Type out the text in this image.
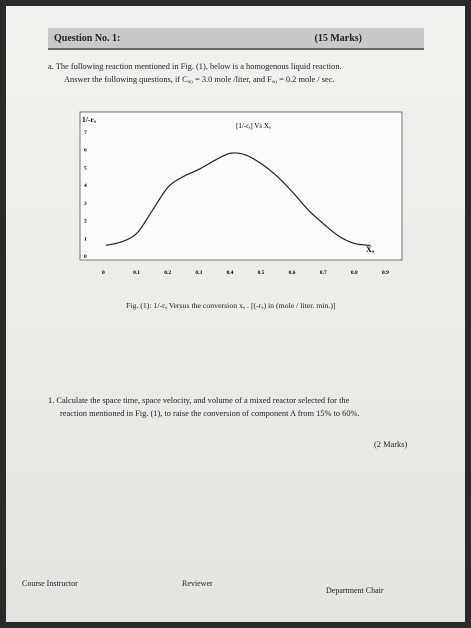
Question No. 1:	(15 Marks)
a. The following reaction mentioned in Fig. (1), below is a homogenous liquid reaction.
Answer the following questions, if Cₐ₀ = 3.0 mole /liter, and Fₐ₀ = 0.2 mole / sec.
[1/-rₐ] Vs Xₐ
1/-rₐ
Xₐ
0	0.1	0.2	0.3	0.4	0.5	0.6	0.7	0.8	0.9
0
1
2
3
4
5
6
7
Fig. (1): 1/-rₐ Versus the conversion xₐ . [(-rₐ) in (mole / liter. min.)]
1. Calculate the space time, space velocity, and volume of a mixed reactor selected for the
reaction mentioned in Fig. (1), to raise the conversion of component A from 15% to 60%.
(2 Marks)
Course Instructor	Reviewer
Department Chair
